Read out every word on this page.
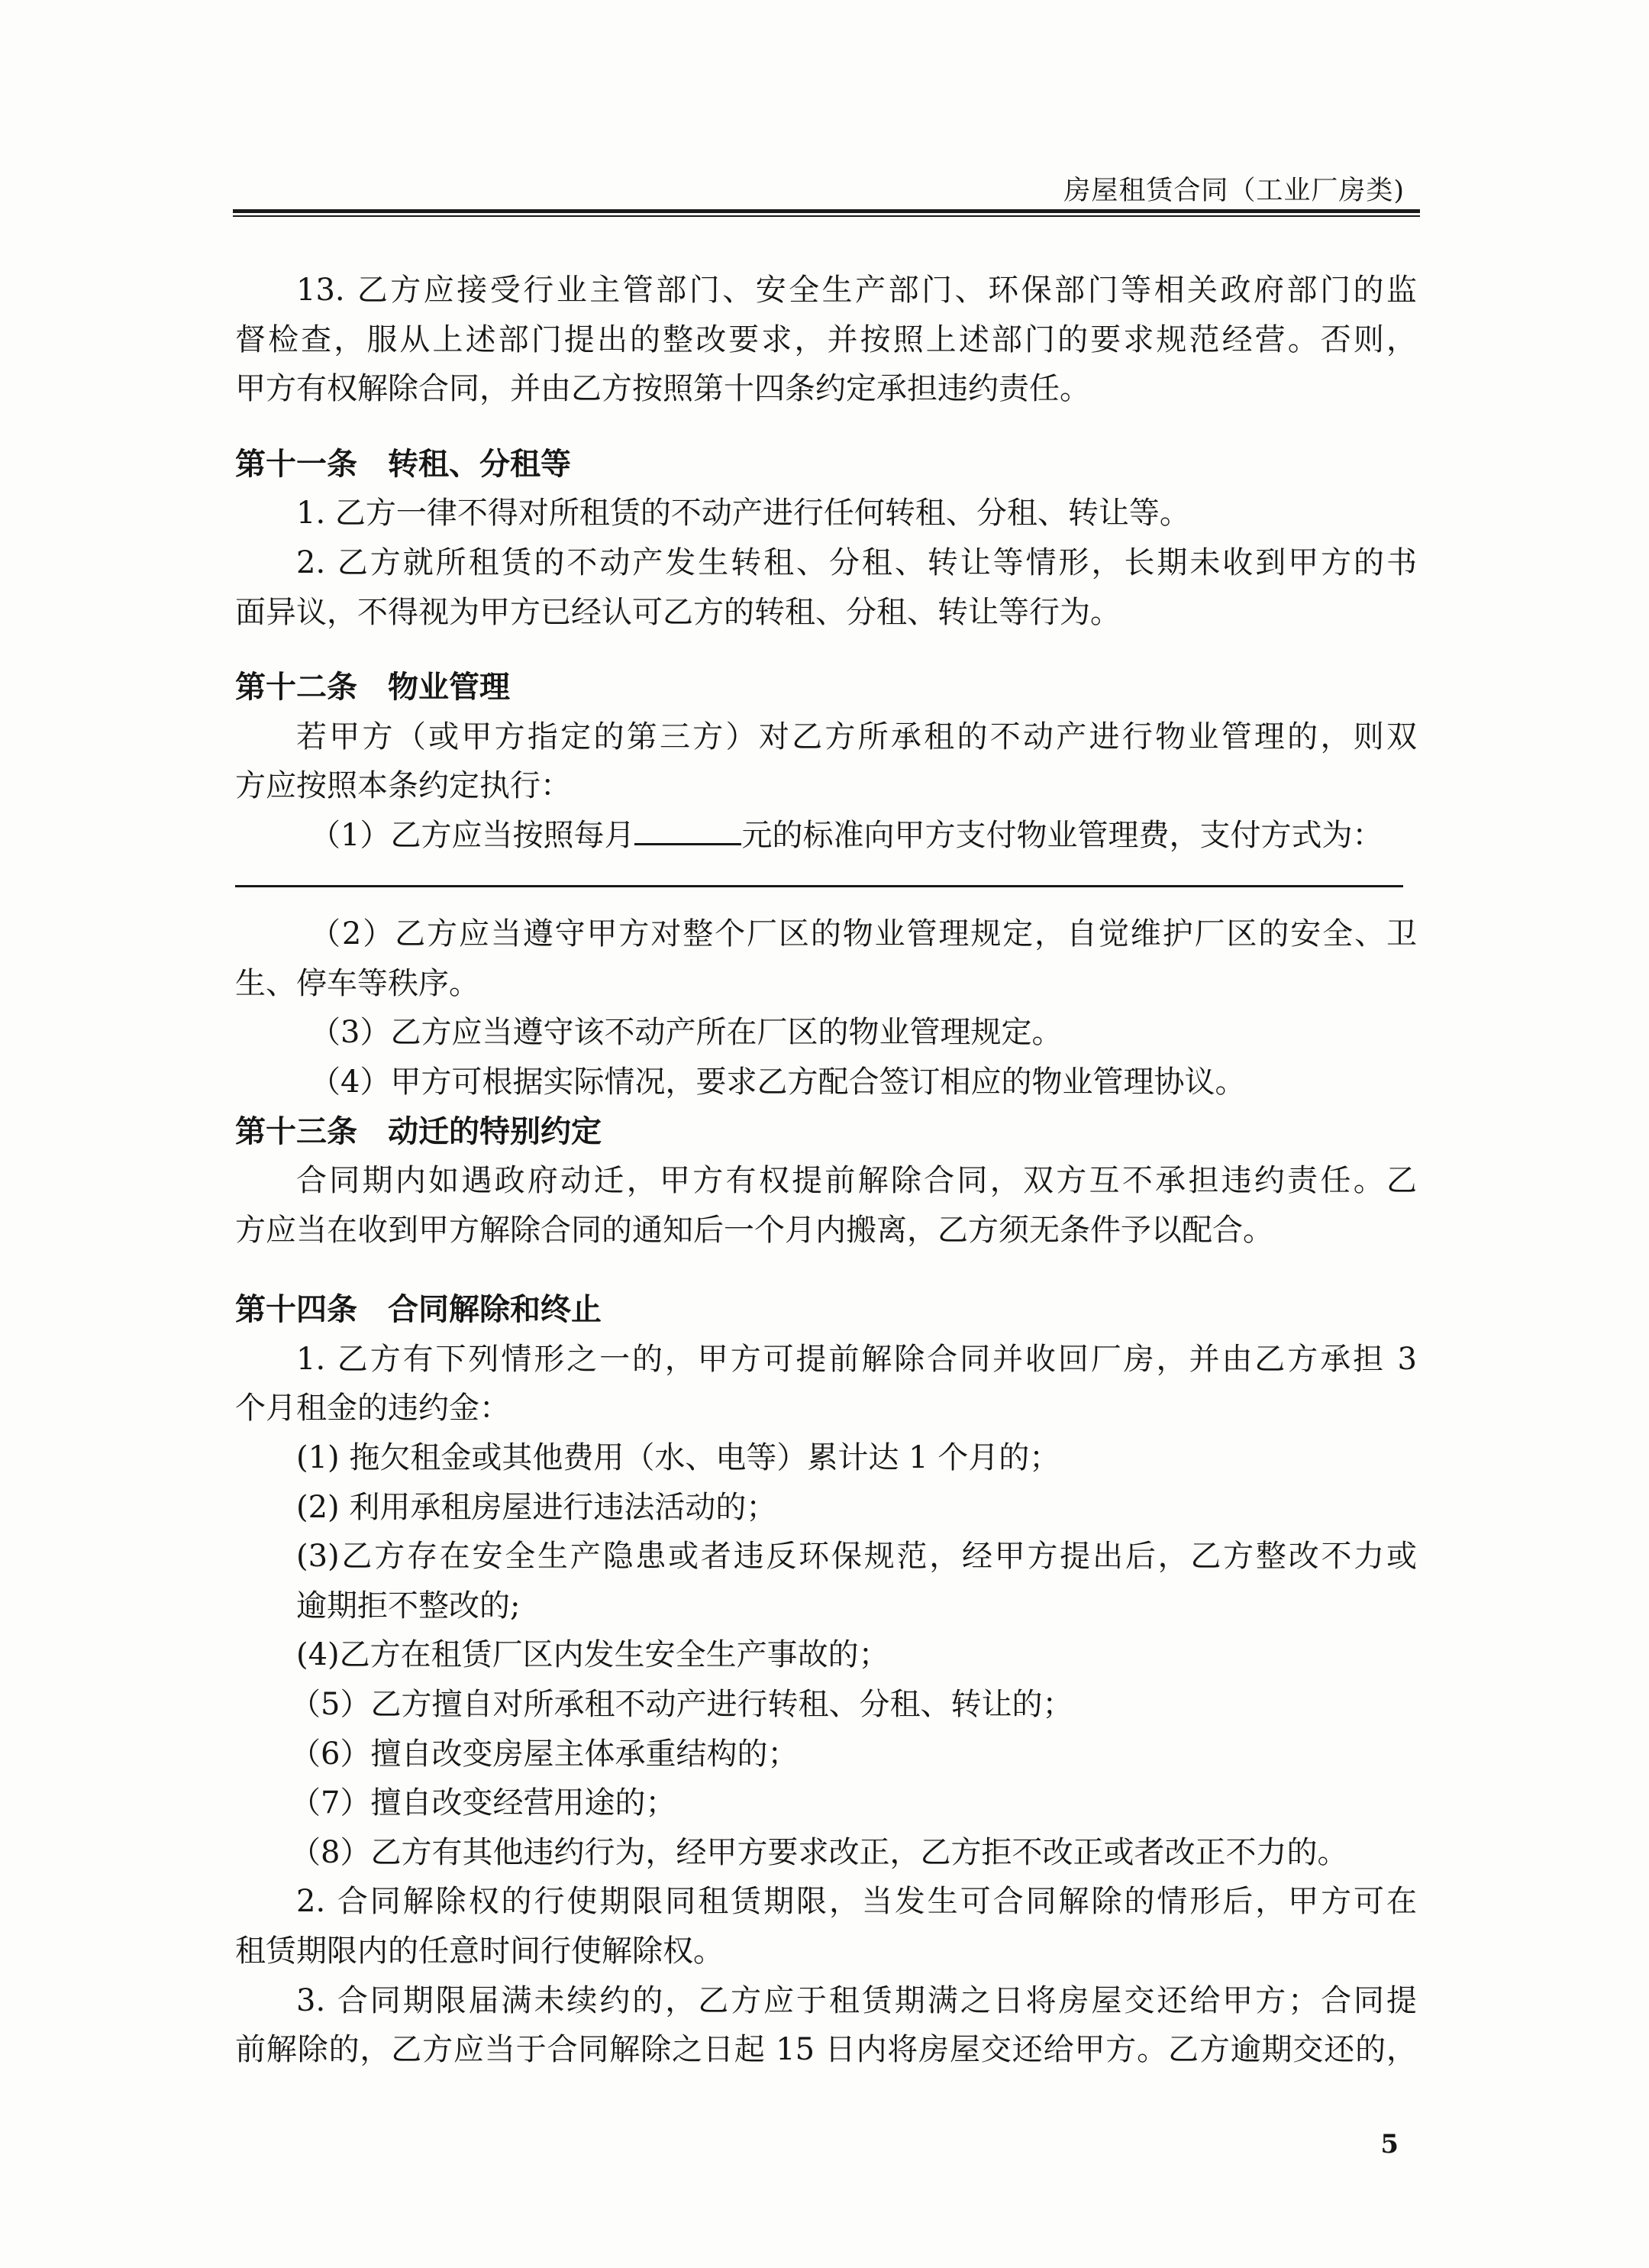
房屋租赁合同（工业厂房类)
13. 乙方应接受行业主管部门、安全生产部门、环保部门等相关政府部门的监
督检查，服从上述部门提出的整改要求，并按照上述部门的要求规范经营。否则，
甲方有权解除合同，并由乙方按照第十四条约定承担违约责任。
第十一条　转租、分租等
1. 乙方一律不得对所租赁的不动产进行任何转租、分租、转让等。
2. 乙方就所租赁的不动产发生转租、分租、转让等情形，长期未收到甲方的书
面异议，不得视为甲方已经认可乙方的转租、分租、转让等行为。
第十二条　物业管理
若甲方（或甲方指定的第三方）对乙方所承租的不动产进行物业管理的，则双
方应按照本条约定执行：
（1）乙方应当按照每月	元的标准向甲方支付物业管理费，支付方式为：
（2）乙方应当遵守甲方对整个厂区的物业管理规定，自觉维护厂区的安全、卫
生、停车等秩序。
（3）乙方应当遵守该不动产所在厂区的物业管理规定。
（4）甲方可根据实际情况，要求乙方配合签订相应的物业管理协议。
第十三条　动迁的特别约定
合同期内如遇政府动迁，甲方有权提前解除合同，双方互不承担违约责任。乙
方应当在收到甲方解除合同的通知后一个月内搬离，乙方须无条件予以配合。
第十四条　合同解除和终止
1. 乙方有下列情形之一的，甲方可提前解除合同并收回厂房，并由乙方承担 3
个月租金的违约金：
(1) 拖欠租金或其他费用（水、电等）累计达 1 个月的；
(2) 利用承租房屋进行违法活动的；
(3)乙方存在安全生产隐患或者违反环保规范，经甲方提出后，乙方整改不力或
逾期拒不整改的;
(4)乙方在租赁厂区内发生安全生产事故的；
（5）乙方擅自对所承租不动产进行转租、分租、转让的；
（6）擅自改变房屋主体承重结构的；
（7）擅自改变经营用途的；
（8）乙方有其他违约行为，经甲方要求改正，乙方拒不改正或者改正不力的。
2. 合同解除权的行使期限同租赁期限，当发生可合同解除的情形后，甲方可在
租赁期限内的任意时间行使解除权。
3. 合同期限届满未续约的，乙方应于租赁期满之日将房屋交还给甲方；合同提
前解除的，乙方应当于合同解除之日起 15 日内将房屋交还给甲方。乙方逾期交还的，
5
